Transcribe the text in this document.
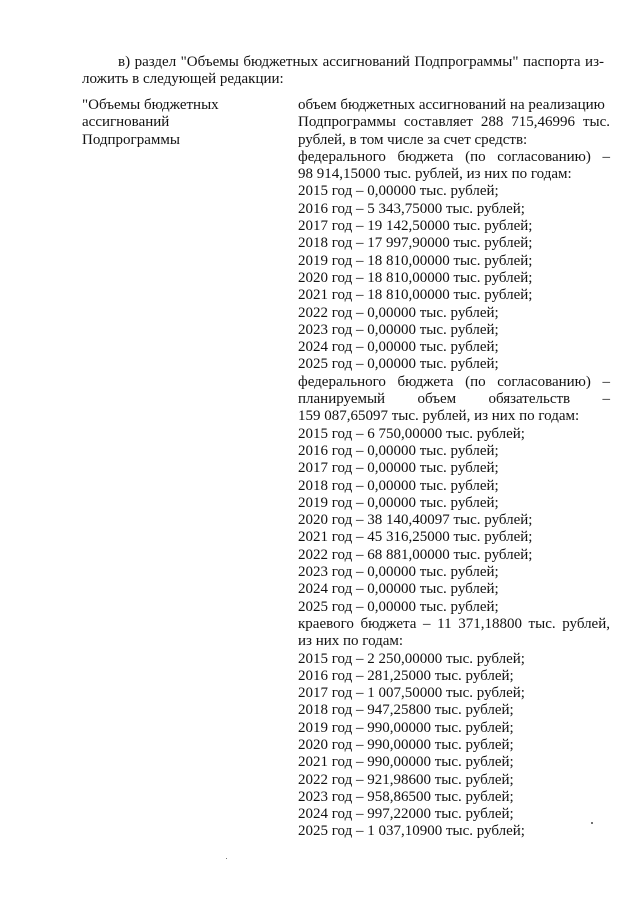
в) раздел "Объемы бюджетных ассигнований Подпрограммы" паспорта из-
ложить в следующей редакции:

"Объемы бюджетных
ассигнований
Подпрограммы
объем бюджетных ассигнований на реализацию
Подпрограммы составляет 288 715,46996 тыс.
рублей, в том числе за счет средств:
федерального бюджета (по согласованию) –
98 914,15000 тыс. рублей, из них по годам:
2015 год – 0,00000 тыс. рублей;
2016 год – 5 343,75000 тыс. рублей;
2017 год – 19 142,50000 тыс. рублей;
2018 год – 17 997,90000 тыс. рублей;
2019 год – 18 810,00000 тыс. рублей;
2020 год – 18 810,00000 тыс. рублей;
2021 год – 18 810,00000 тыс. рублей;
2022 год – 0,00000 тыс. рублей;
2023 год – 0,00000 тыс. рублей;
2024 год – 0,00000 тыс. рублей;
2025 год – 0,00000 тыс. рублей;
федерального бюджета (по согласованию) –
планируемый объем обязательств –
159 087,65097 тыс. рублей, из них по годам:
2015 год – 6 750,00000 тыс. рублей;
2016 год – 0,00000 тыс. рублей;
2017 год – 0,00000 тыс. рублей;
2018 год – 0,00000 тыс. рублей;
2019 год – 0,00000 тыс. рублей;
2020 год – 38 140,40097 тыс. рублей;
2021 год – 45 316,25000 тыс. рублей;
2022 год – 68 881,00000 тыс. рублей;
2023 год – 0,00000 тыс. рублей;
2024 год – 0,00000 тыс. рублей;
2025 год – 0,00000 тыс. рублей;
краевого бюджета – 11 371,18800 тыс. рублей,
из них по годам:
2015 год – 2 250,00000 тыс. рублей;
2016 год – 281,25000 тыс. рублей;
2017 год – 1 007,50000 тыс. рублей;
2018 год – 947,25800 тыс. рублей;
2019 год – 990,00000 тыс. рублей;
2020 год – 990,00000 тыс. рублей;
2021 год – 990,00000 тыс. рублей;
2022 год – 921,98600 тыс. рублей;
2023 год – 958,86500 тыс. рублей;
2024 год – 997,22000 тыс. рублей;
2025 год – 1 037,10900 тыс. рублей;
